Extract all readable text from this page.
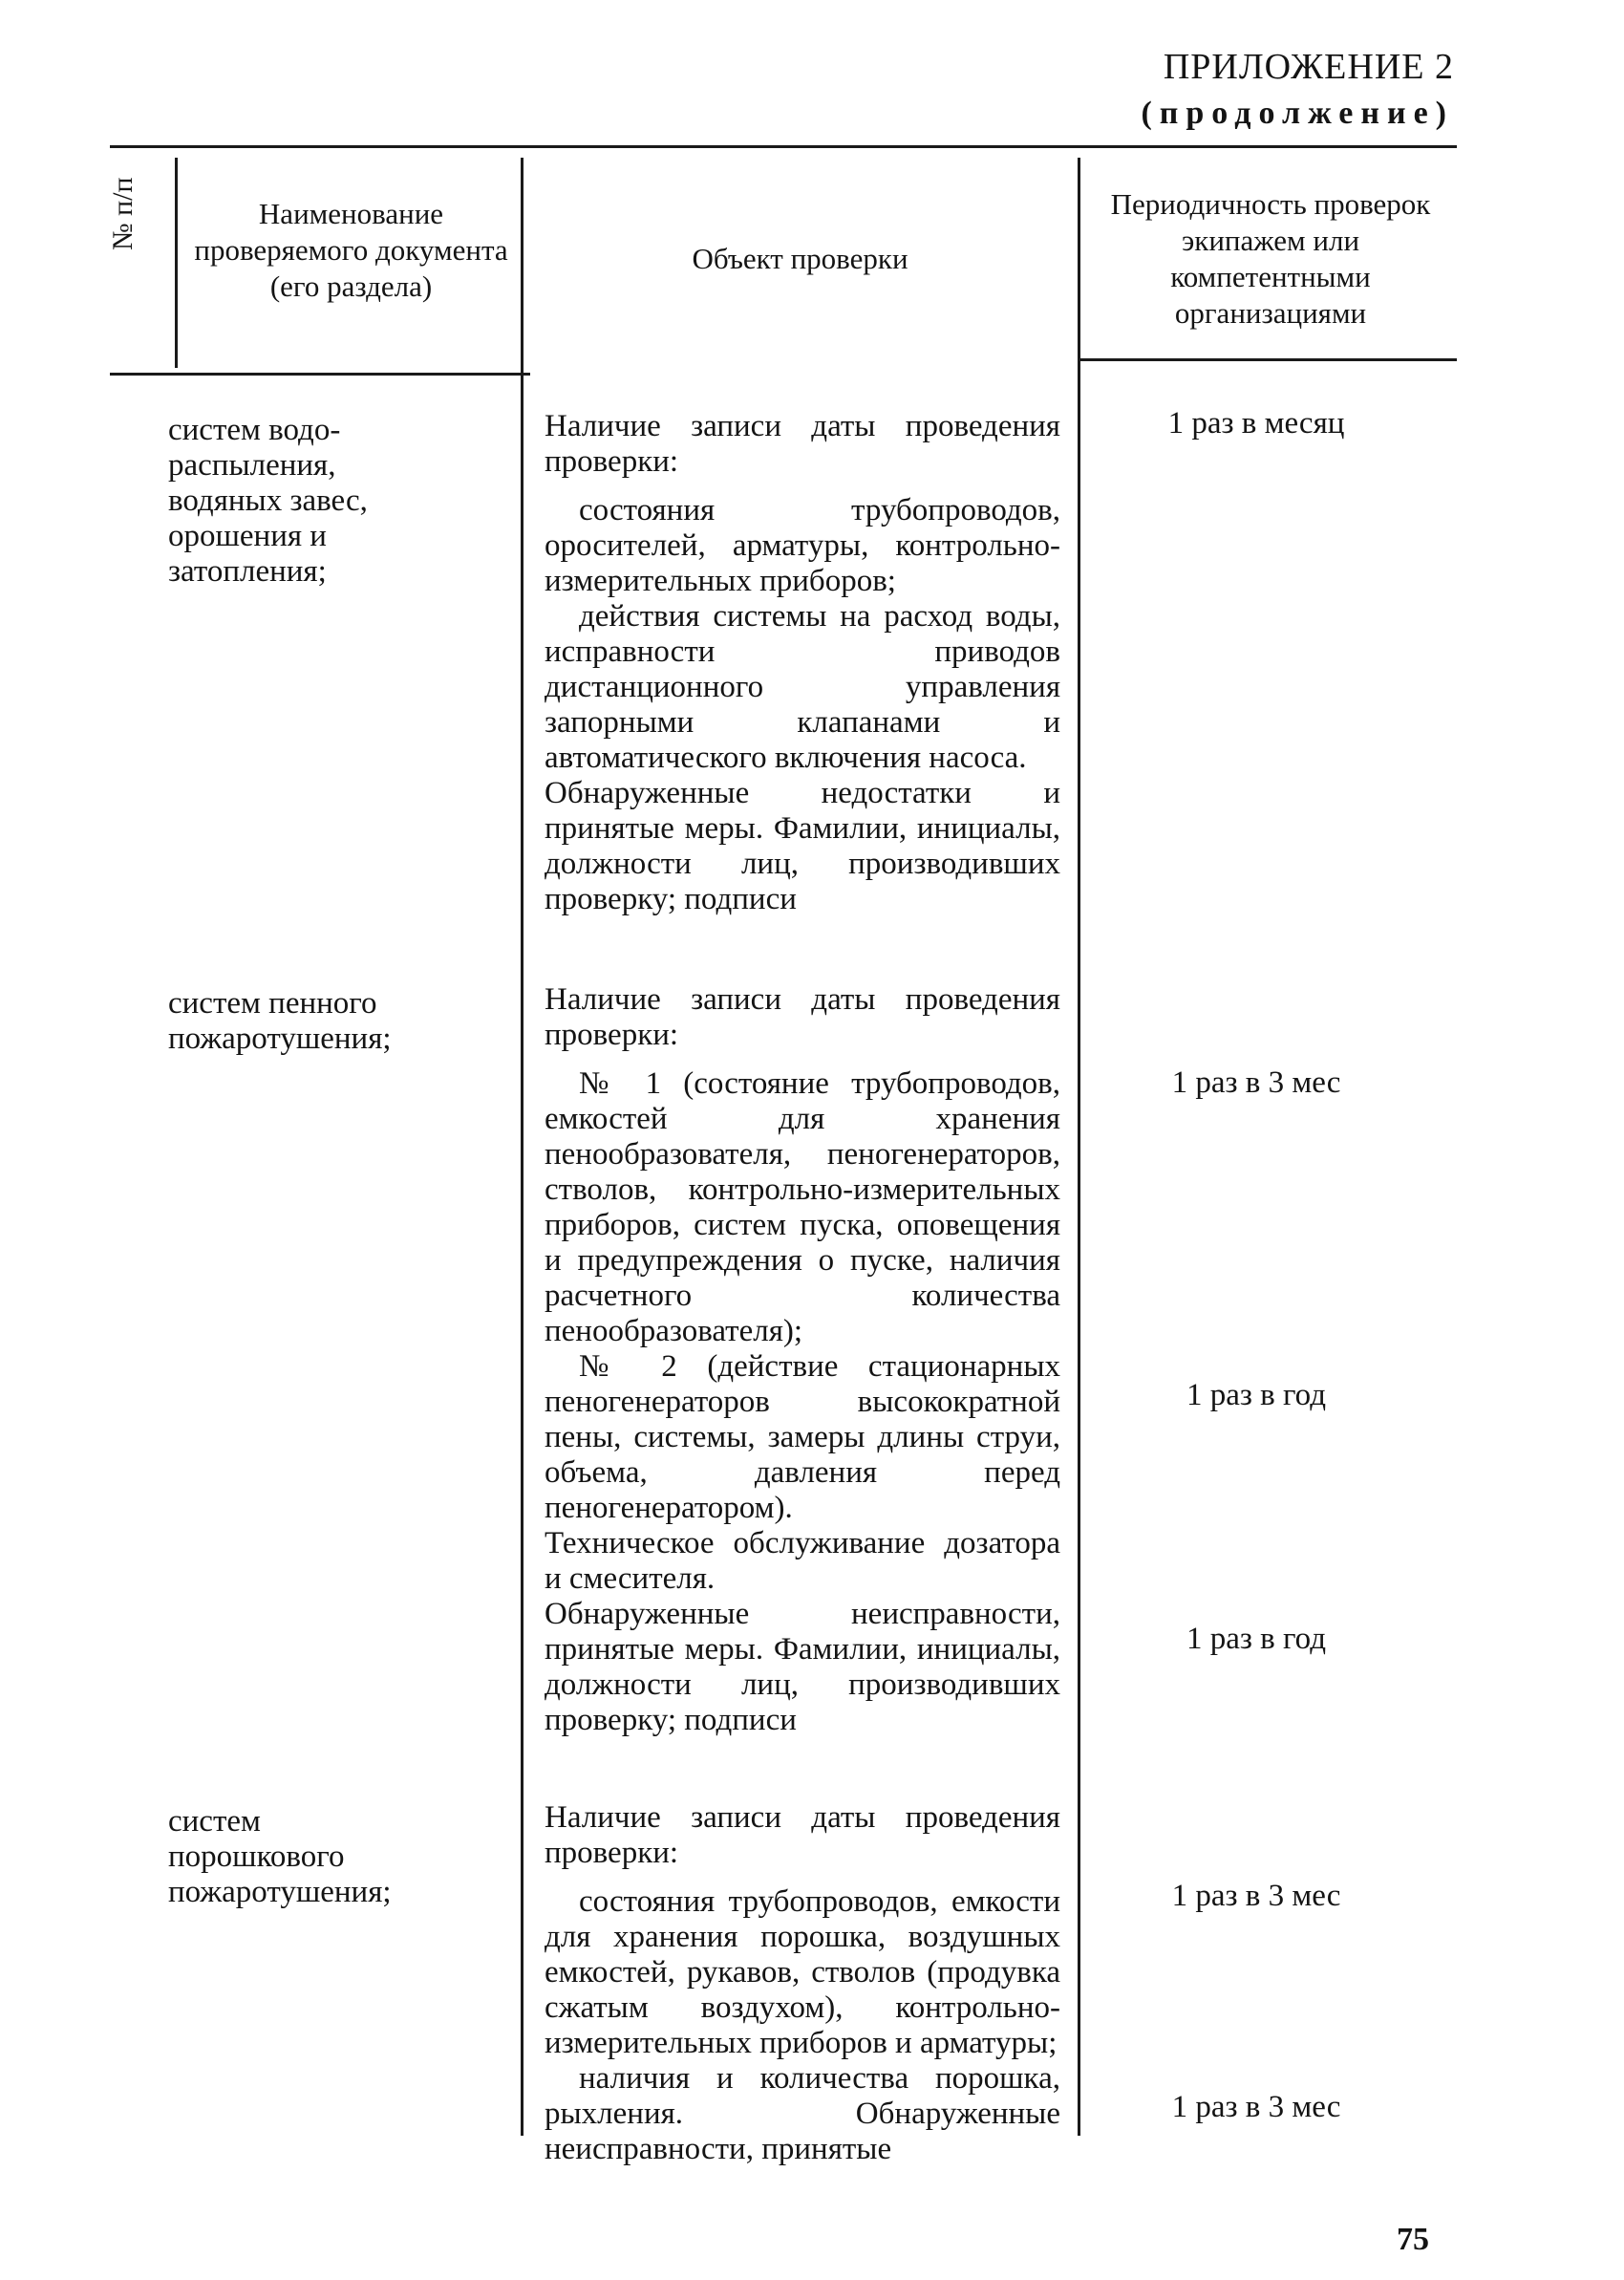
ПРИЛОЖЕНИЕ 2
(продолжение)
№ п/п	Наименование проверяемого документа (его раздела)
Объект проверки
Периодичность проверок экипажем или компетентными организациями
систем водо-распыления, водяных завес, орошения и затопления;

Наличие записи даты проведения проверки:

состояния трубопроводов, оросителей, арматуры, контрольно-измерительных приборов;

действия системы на расход воды, исправности приводов дистанционного управления запорными клапанами и автоматического включения насоса.

Обнаруженные недостатки и принятые меры. Фамилии, инициалы, должности лиц, производивших проверку; подписи

1 раз в месяц
систем пенного пожаротушения;

Наличие записи даты проведения проверки:

№ 1 (состояние трубопроводов, емкостей для хранения пенообразователя, пеногенераторов, стволов, контрольно-измерительных приборов, систем пуска, оповещения и предупреждения о пуске, наличия расчетного количества пенообразователя);

№ 2 (действие стационарных пеногенераторов высокократной пены, системы, замеры длины струи, объема, давления перед пеногенератором).

Техническое обслуживание дозатора и смесителя.

Обнаруженные неисправности, принятые меры. Фамилии, инициалы, должности лиц, производивших проверку; подписи

1 раз в 3 мес
1 раз в год
1 раз в год
систем порошкового пожаротушения;

Наличие записи даты проведения проверки:

состояния трубопроводов, емкости для хранения порошка, воздушных емкостей, рукавов, стволов (продувка сжатым воздухом), контрольно-измерительных приборов и арматуры;

наличия и количества порошка, рыхления. Обнаруженные неисправности, принятые

1 раз в 3 мес
1 раз в 3 мес
75
